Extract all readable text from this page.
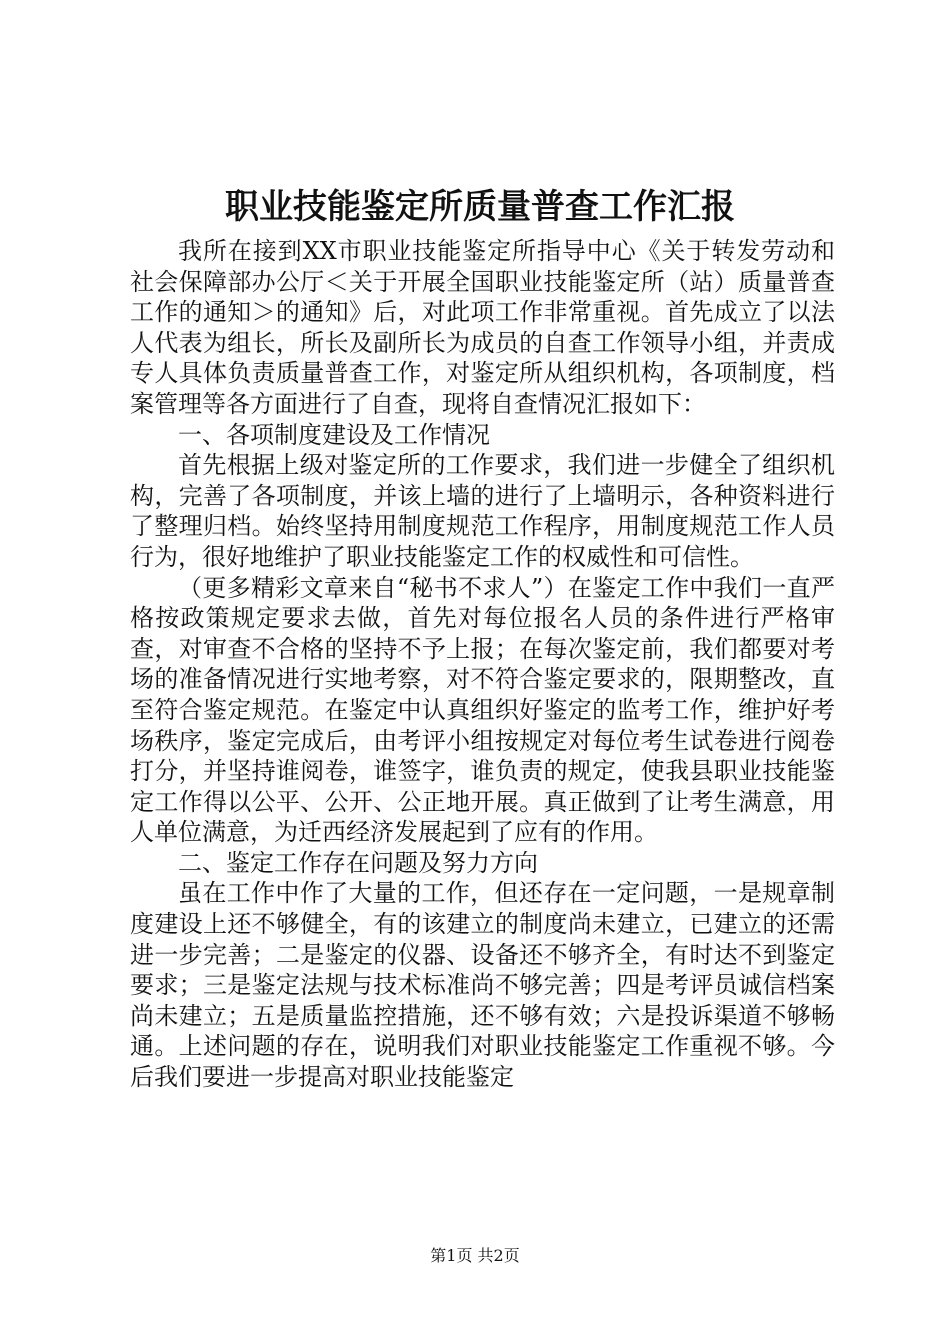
职业技能鉴定所质量普查工作汇报

我所在接到XX市职业技能鉴定所指导中心《关于转发劳动和社会保障部办公厅＜关于开展全国职业技能鉴定所（站）质量普查工作的通知＞的通知》后，对此项工作非常重视。首先成立了以法人代表为组长，所长及副所长为成员的自查工作领导小组，并责成专人具体负责质量普查工作，对鉴定所从组织机构，各项制度，档案管理等各方面进行了自查，现将自查情况汇报如下：

一、各项制度建设及工作情况

首先根据上级对鉴定所的工作要求，我们进一步健全了组织机构，完善了各项制度，并该上墙的进行了上墙明示，各种资料进行了整理归档。始终坚持用制度规范工作程序，用制度规范工作人员行为，很好地维护了职业技能鉴定工作的权威性和可信性。

（更多精彩文章来自“秘书不求人”）在鉴定工作中我们一直严格按政策规定要求去做，首先对每位报名人员的条件进行严格审查，对审查不合格的坚持不予上报；在每次鉴定前，我们都要对考场的准备情况进行实地考察，对不符合鉴定要求的，限期整改，直至符合鉴定规范。在鉴定中认真组织好鉴定的监考工作，维护好考场秩序，鉴定完成后，由考评小组按规定对每位考生试卷进行阅卷打分，并坚持谁阅卷，谁签字，谁负责的规定，使我县职业技能鉴定工作得以公平、公开、公正地开展。真正做到了让考生满意，用人单位满意，为迁西经济发展起到了应有的作用。

二、鉴定工作存在问题及努力方向

虽在工作中作了大量的工作，但还存在一定问题，一是规章制度建设上还不够健全，有的该建立的制度尚未建立，已建立的还需进一步完善；二是鉴定的仪器、设备还不够齐全，有时达不到鉴定要求；三是鉴定法规与技术标准尚不够完善；四是考评员诚信档案尚未建立；五是质量监控措施，还不够有效；六是投诉渠道不够畅通。上述问题的存在，说明我们对职业技能鉴定工作重视不够。今后我们要进一步提高对职业技能鉴定

第1页 共2页
